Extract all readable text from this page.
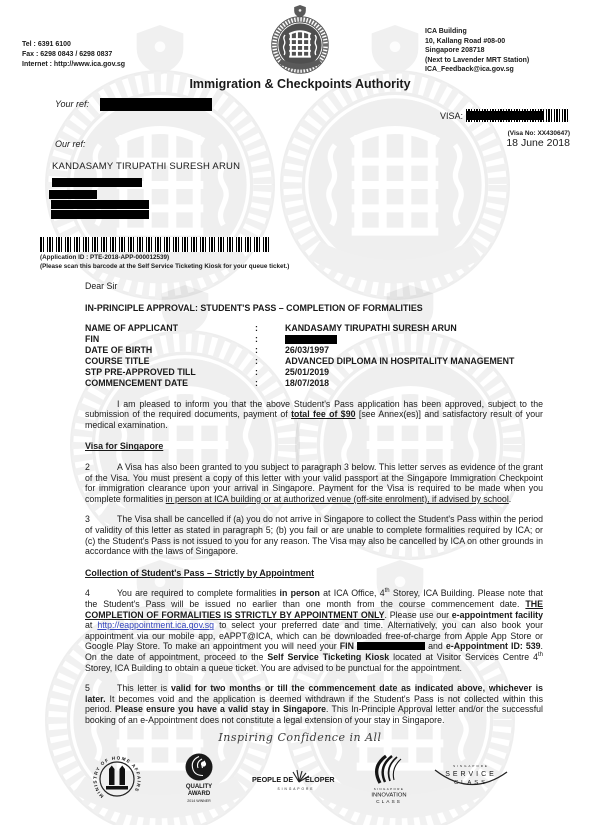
Tel : 6391 6100
Fax : 6298 0843 / 6298 0837
Internet : http://www.ica.gov.sg
ICA Building
10, Kallang Road #08-00
Singapore 208718
(Next to Lavender MRT Station)
ICA_Feedback@ica.gov.sg
Immigration & Checkpoints Authority
Your ref:
VISA:
(Visa No: XX430647)
18 June 2018
Our ref:
KANDASAMY TIRUPATHI SURESH ARUN
(Application ID : PTE-2018-APP-000012539)
(Please scan this barcode at the Self Service Ticketing Kiosk for your queue ticket.)

Dear Sir

IN-PRINCIPLE APPROVAL: STUDENT'S PASS – COMPLETION OF FORMALITIES

NAME OF APPLICANT	:	KANDASAMY TIRUPATHI SURESH ARUN
FIN	:
DATE OF BIRTH	:	26/03/1997
COURSE TITLE	:	ADVANCED DIPLOMA IN HOSPITALITY MANAGEMENT
STP PRE-APPROVED TILL	:	25/01/2019
COMMENCEMENT DATE	:	18/07/2018

I am pleased to inform you that the above Student's Pass application has been approved, subject to the submission of the required documents, payment of total fee of $90 [see Annex(es)] and satisfactory result of your medical examination.

Visa for Singapore

2	A Visa has also been granted to you subject to paragraph 3 below. This letter serves as evidence of the grant of the Visa. You must present a copy of this letter with your valid passport at the Singapore Immigration Checkpoint for immigration clearance upon your arrival in Singapore. Payment for the Visa is required to be made when you complete formalities in person at ICA building or at authorized venue (off-site enrolment), if advised by school.

3	The Visa shall be cancelled if (a) you do not arrive in Singapore to collect the Student's Pass within the period of validity of this letter as stated in paragraph 5; (b) you fail or are unable to complete formalities required by ICA; or (c) the Student's Pass is not issued to you for any reason. The Visa may also be cancelled by ICA on other grounds in accordance with the laws of Singapore.

Collection of Student's Pass – Strictly by Appointment

4	You are required to complete formalities in person at ICA Office, 4th Storey, ICA Building. Please note that the Student's Pass will be issued no earlier than one month from the course commencement date. THE COMPLETION OF FORMALITIES IS STRICTLY BY APPOINTMENT ONLY. Please use our e-appointment facility at http://eappointment.ica.gov.sg to select your preferred date and time. Alternatively, you can also book your appointment via our mobile app, eAPPT@ICA, which can be downloaded free-of-charge from Apple App Store or Google Play Store. To make an appointment you will need your FIN	and e-Appointment ID: 539. On the date of appointment, proceed to the Self Service Ticketing Kiosk located at Visitor Services Centre 4th Storey, ICA Building to obtain a queue ticket. You are advised to be punctual for the appointment.

5	This letter is valid for two months or till the commencement date as indicated above, whichever is later. It becomes void and the application is deemed withdrawn if the Student's Pass is not collected within this period. Please ensure you have a valid stay in Singapore. This In-Principle Approval letter and/or the successful booking of an e-Appointment does not constitute a legal extension of your stay in Singapore.

Inspiring Confidence in All
MINISTRY OF HOME AFFAIRS
QUALITY
AWARD
2014 WINNER
PEOPLE DE ELOPER
SINGAPORE	SINGAPORE
INNOVATION
CLASS
SINGAPORE
SERVICE
CLASS
